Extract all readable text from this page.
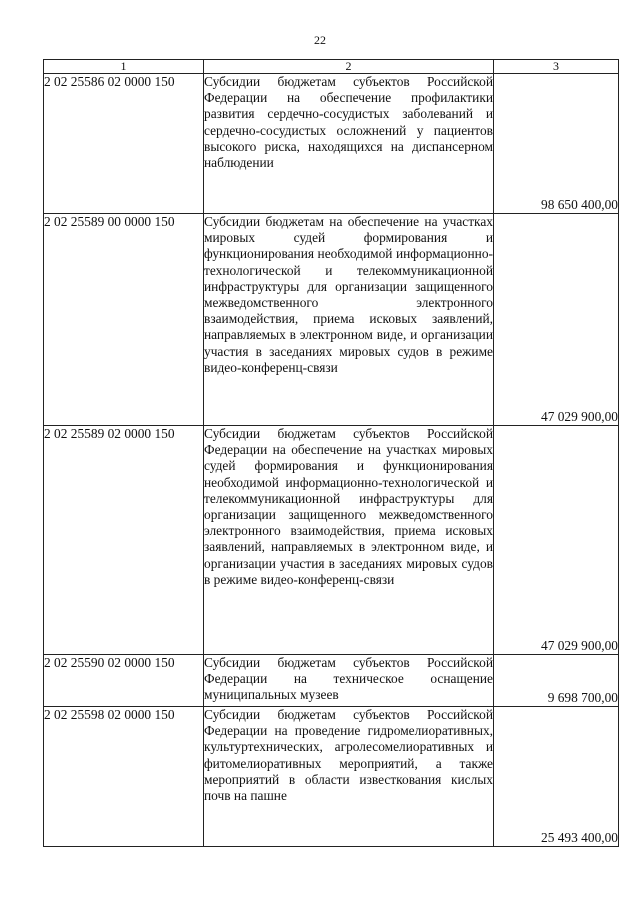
22
1	2	3
2 02 25586 02 0000 150	Субсидии бюджетам субъектов Российской Федерации на обеспечение профилактики развития сердечно-сосудистых заболеваний и сердечно-сосудистых осложнений у пациентов высокого риска, находящихся на диспансерном наблюдении	98 650 400,00
2 02 25589 00 0000 150	Субсидии бюджетам на обеспечение на участках мировых судей формирования и функционирования необходимой информационно-технологической и телекоммуникационной инфраструктуры для организации защищенного межведомственного электронного взаимодействия, приема исковых заявлений, направляемых в электронном виде, и организации участия в заседаниях мировых судов в режиме видео-конференц-связи	47 029 900,00
2 02 25589 02 0000 150	Субсидии бюджетам субъектов Российской Федерации на обеспечение на участках мировых судей формирования и функционирования необходимой информационно-технологической и телекоммуникационной инфраструктуры для организации защищенного межведомственного электронного взаимодействия, приема исковых заявлений, направляемых в электронном виде, и организации участия в заседаниях мировых судов в режиме видео-конференц-связи	47 029 900,00
2 02 25590 02 0000 150	Субсидии бюджетам субъектов Российской Федерации на техническое оснащение муниципальных музеев	9 698 700,00
2 02 25598 02 0000 150	Субсидии бюджетам субъектов Российской Федерации на проведение гидромелиоративных, культуртехнических, агролесомелиоративных и фитомелиоративных мероприятий, а также мероприятий в области известкования кислых почв на пашне	25 493 400,00
